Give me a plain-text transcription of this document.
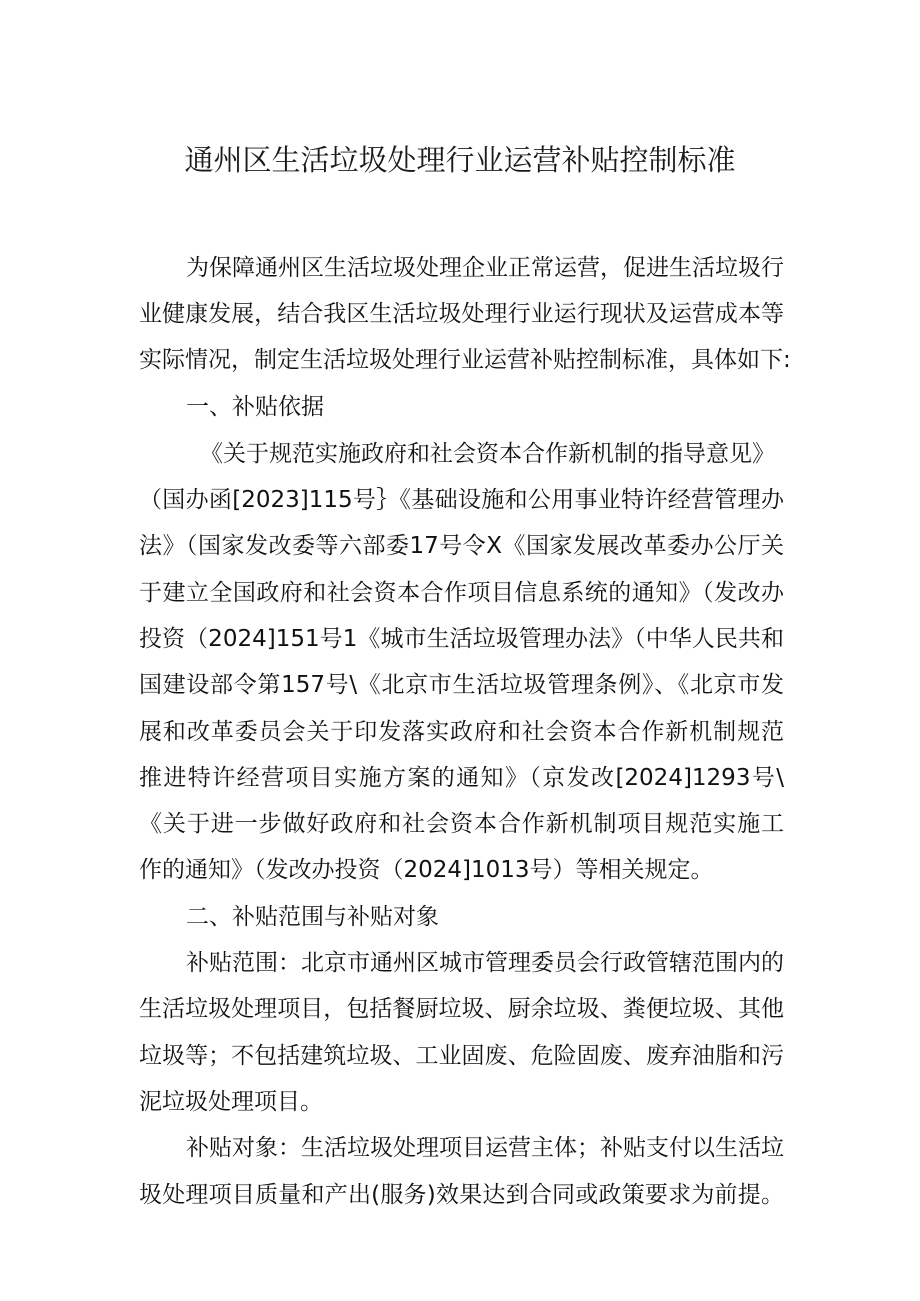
通州区生活垃圾处理行业运营补贴控制标准
为保障通州区生活垃圾处理企业正常运营，促进生活垃圾行
业健康发展，结合我区生活垃圾处理行业运行现状及运营成本等
实际情况，制定生活垃圾处理行业运营补贴控制标准，具体如下:
一、补贴依据
《关于规范实施政府和社会资本合作新机制的指导意见》
（国办函[2023]115号｝《基础设施和公用事业特许经营管理办
法》（国家发改委等六部委17号令X《国家发展改革委办公厅关
于建立全国政府和社会资本合作项目信息系统的通知》（发改办
投资（2024]151号1《城市生活垃圾管理办法》（中华人民共和
国建设部令第157号\《北京市生活垃圾管理条例》、《北京市发
展和改革委员会关于印发落实政府和社会资本合作新机制规范
推进特许经营项目实施方案的通知》（京发改[2024]1293号\
《关于进一步做好政府和社会资本合作新机制项目规范实施工
作的通知》（发改办投资（2024]1013号）等相关规定。
二、补贴范围与补贴对象
补贴范围：北京市通州区城市管理委员会行政管辖范围内的
生活垃圾处理项目，包括餐厨垃圾、厨余垃圾、粪便垃圾、其他
垃圾等；不包括建筑垃圾、工业固废、危险固废、废弃油脂和污
泥垃圾处理项目。
补贴对象：生活垃圾处理项目运营主体；补贴支付以生活垃
圾处理项目质量和产出(服务)效果达到合同或政策要求为前提。
